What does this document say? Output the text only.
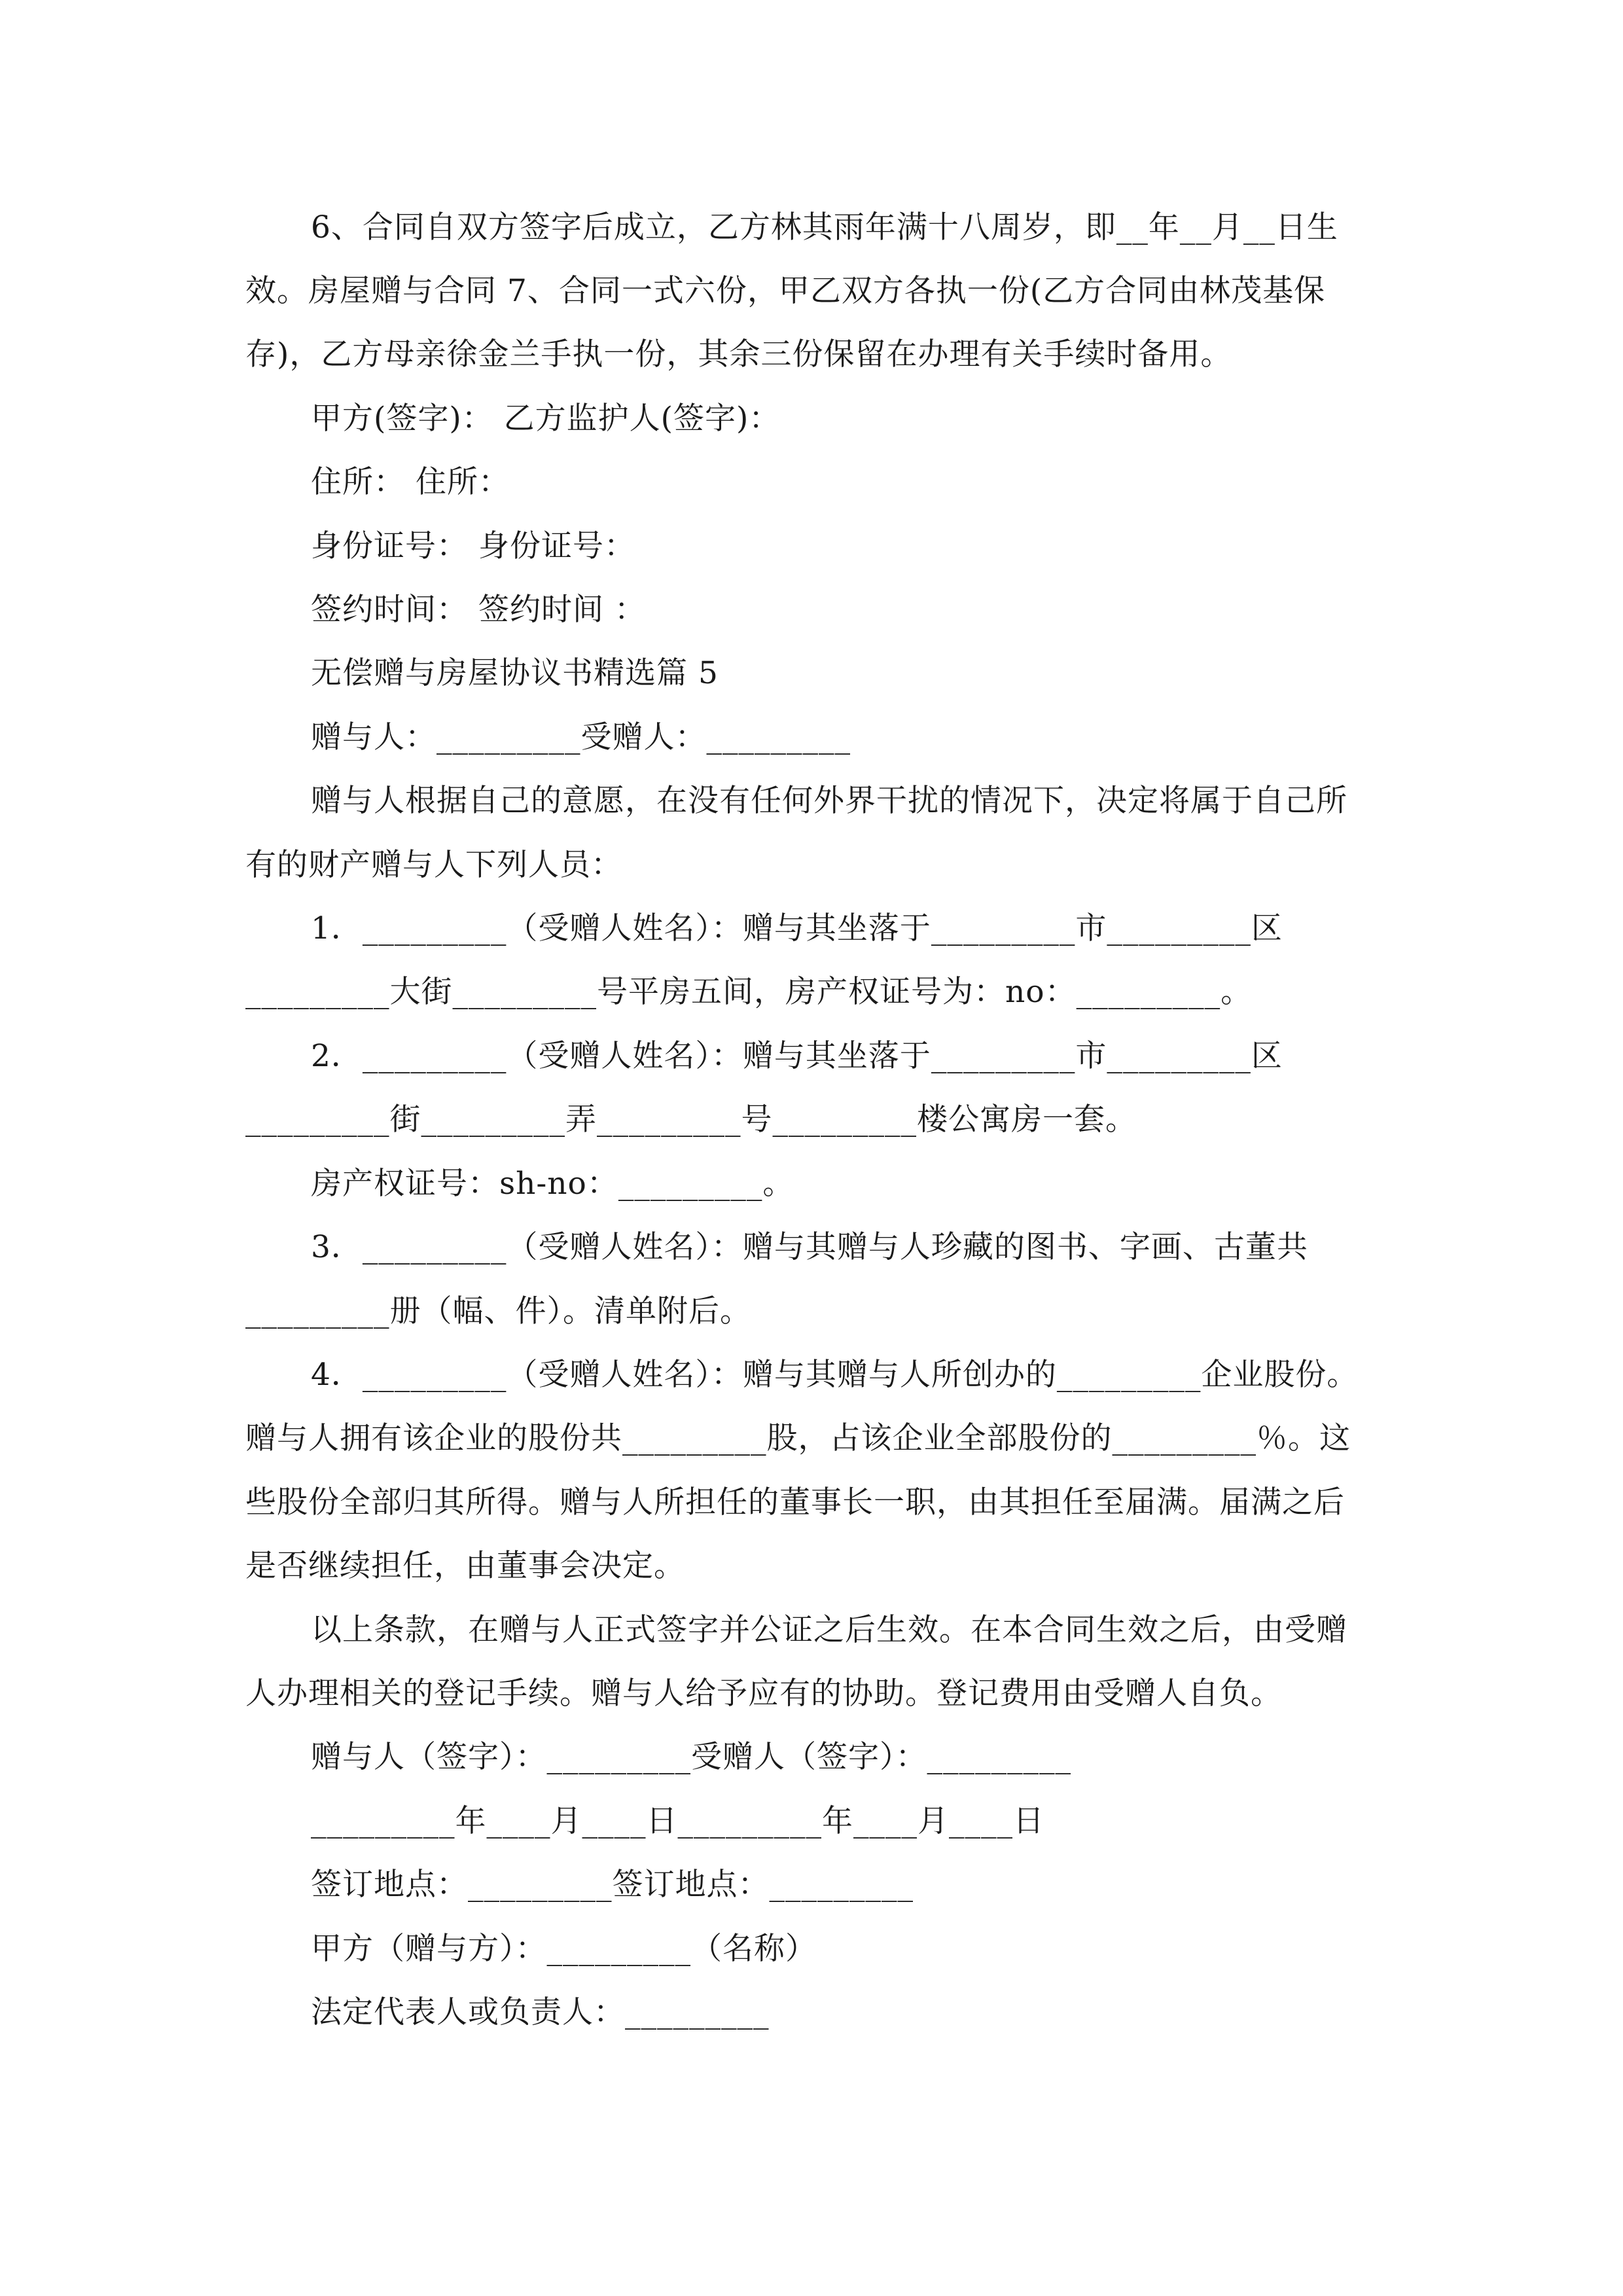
6、合同自双方签字后成立，乙方林其雨年满十八周岁，即__年__月__日生
效。房屋赠与合同 7、合同一式六份，甲乙双方各执一份(乙方合同由林茂基保
存)，乙方母亲徐金兰手执一份，其余三份保留在办理有关手续时备用。
甲方(签字)： 乙方监护人(签字)：
住所： 住所：
身份证号： 身份证号：
签约时间： 签约时间 ：
无偿赠与房屋协议书精选篇 5
赠与人：_________受赠人：_________
赠与人根据自己的意愿，在没有任何外界干扰的情况下，决定将属于自己所
有的财产赠与人下列人员：
1．_________（受赠人姓名）：赠与其坐落于_________市_________区
_________大街_________号平房五间，房产权证号为：no：_________。
2．_________（受赠人姓名）：赠与其坐落于_________市_________区
_________街_________弄_________号_________楼公寓房一套。
房产权证号：sh-no：_________。
3．_________（受赠人姓名）：赠与其赠与人珍藏的图书、字画、古董共
_________册（幅、件）。清单附后。
4．_________（受赠人姓名）：赠与其赠与人所创办的_________企业股份。
赠与人拥有该企业的股份共_________股，占该企业全部股份的_________％。这
些股份全部归其所得。赠与人所担任的董事长一职，由其担任至届满。届满之后
是否继续担任，由董事会决定。
以上条款，在赠与人正式签字并公证之后生效。在本合同生效之后，由受赠
人办理相关的登记手续。赠与人给予应有的协助。登记费用由受赠人自负。
赠与人（签字）：_________受赠人（签字）：_________
_________年____月____日_________年____月____日
签订地点：_________签订地点：_________
甲方（赠与方）：_________（名称）
法定代表人或负责人：_________
